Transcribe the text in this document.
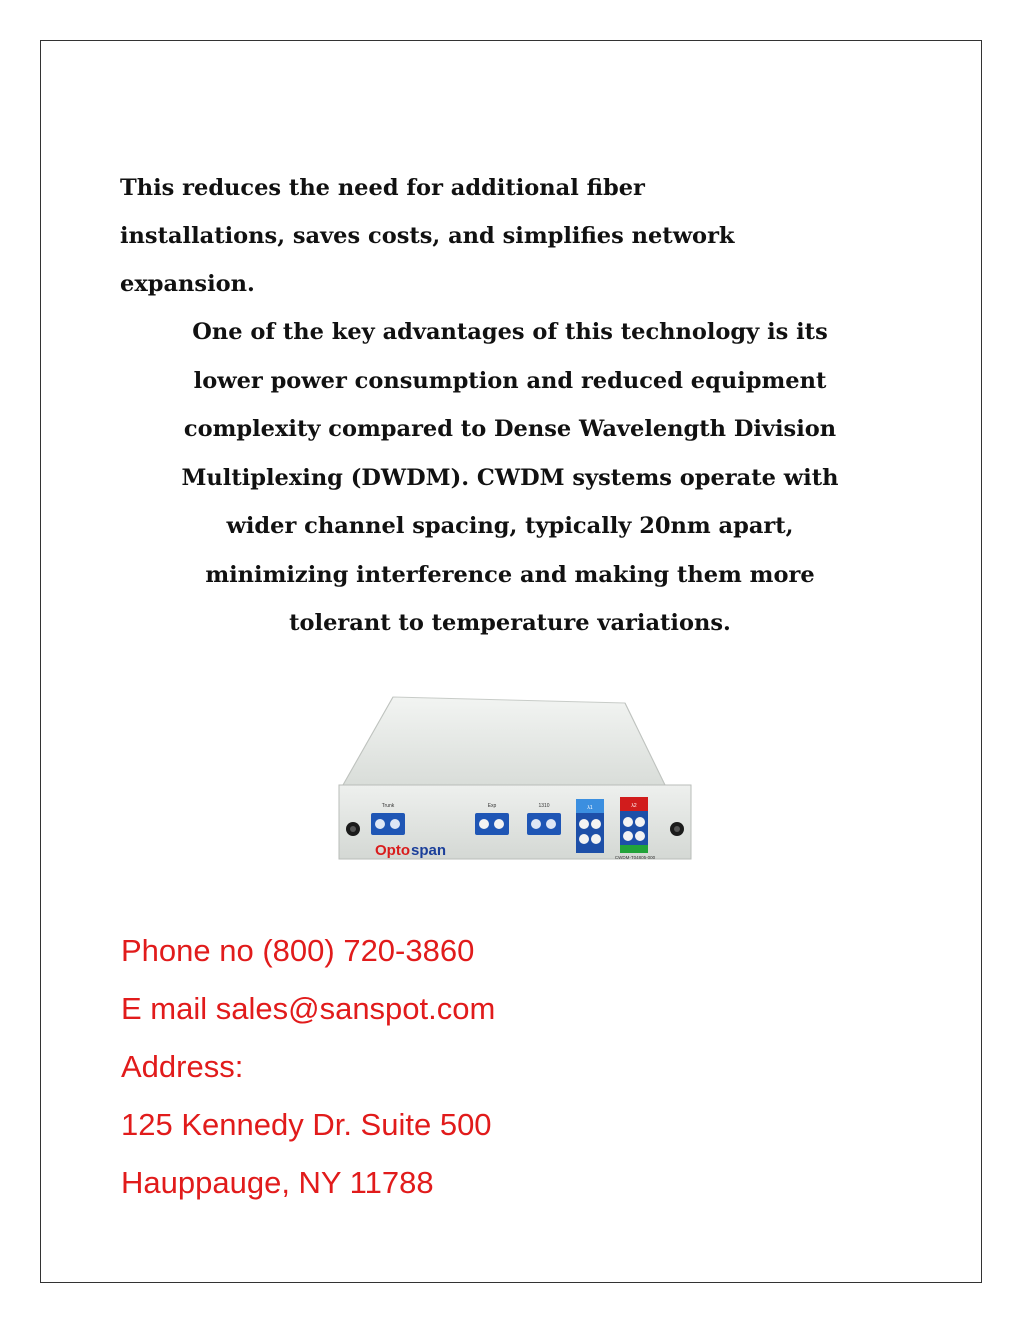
This reduces the need for additional fiber
installations, saves costs, and simplifies network
expansion.

One of the key advantages of this technology is its
lower power consumption and reduced equipment
complexity compared to Dense Wavelength Division
Multiplexing (DWDM). CWDM systems operate with
wider channel spacing, typically 20nm apart,
minimizing interference and making them more
tolerant to temperature variations.

Trunk	Exp	1310	λ1	λ2
CWDM-T04805-000
Opto span
Phone no (800) 720-3860
E mail sales@sanspot.com
Address:
125 Kennedy Dr. Suite 500
Hauppauge, NY 11788
